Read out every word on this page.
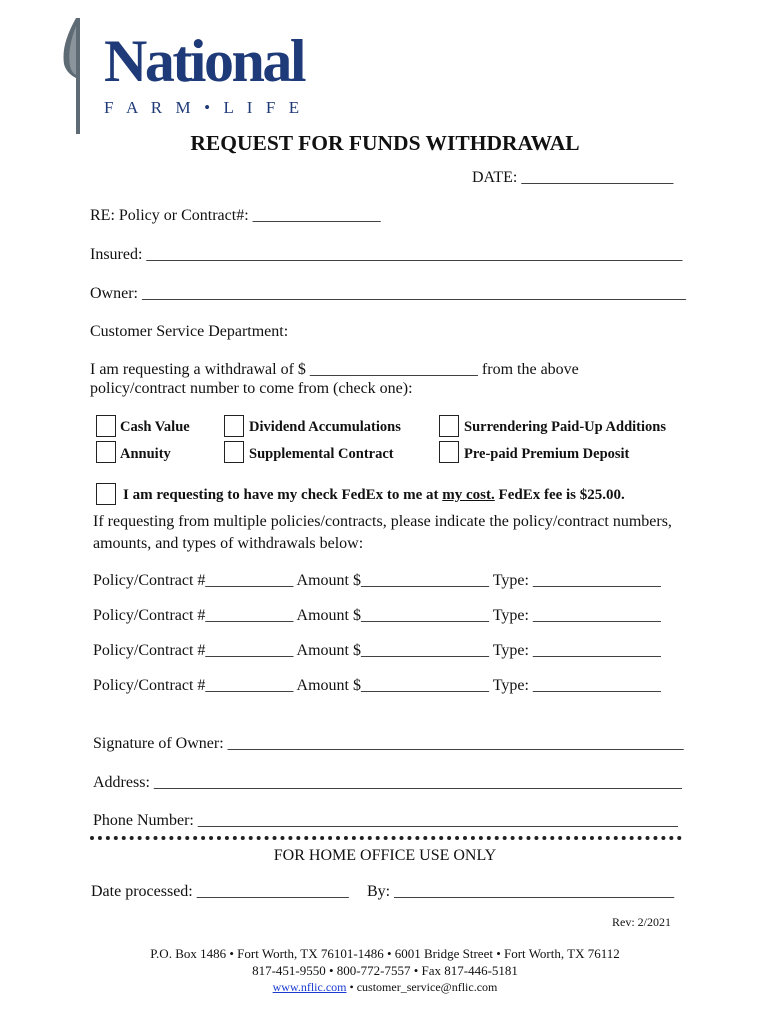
National
F A R M • L I F E
REQUEST FOR FUNDS WITHDRAWAL
DATE: ___________________
RE: Policy or Contract#: ________________
Insured: ___________________________________________________________________
Owner: ____________________________________________________________________
Customer Service Department:
I am requesting a withdrawal of $ _____________________ from the above
policy/contract number to come from (check one):
Cash Value
Annuity
Dividend Accumulations
Supplemental Contract
Surrendering Paid-Up Additions
Pre-paid Premium Deposit
I am requesting to have my check FedEx to me at my cost. FedEx fee is $25.00.
If requesting from multiple policies/contracts, please indicate the policy/contract numbers,
amounts, and types of withdrawals below:
Policy/Contract #___________ Amount $________________ Type: ________________
Policy/Contract #___________ Amount $________________ Type: ________________
Policy/Contract #___________ Amount $________________ Type: ________________
Policy/Contract #___________ Amount $________________ Type: ________________
Signature of Owner: _________________________________________________________
Address: __________________________________________________________________
Phone Number: ____________________________________________________________
FOR HOME OFFICE USE ONLY
Date processed: ___________________ By: ___________________________________
Rev: 2/2021
P.O. Box 1486 • Fort Worth, TX 76101-1486 • 6001 Bridge Street • Fort Worth, TX 76112
817-451-9550 • 800-772-7557 • Fax 817-446-5181
www.nflic.com • customer_service@nflic.com
